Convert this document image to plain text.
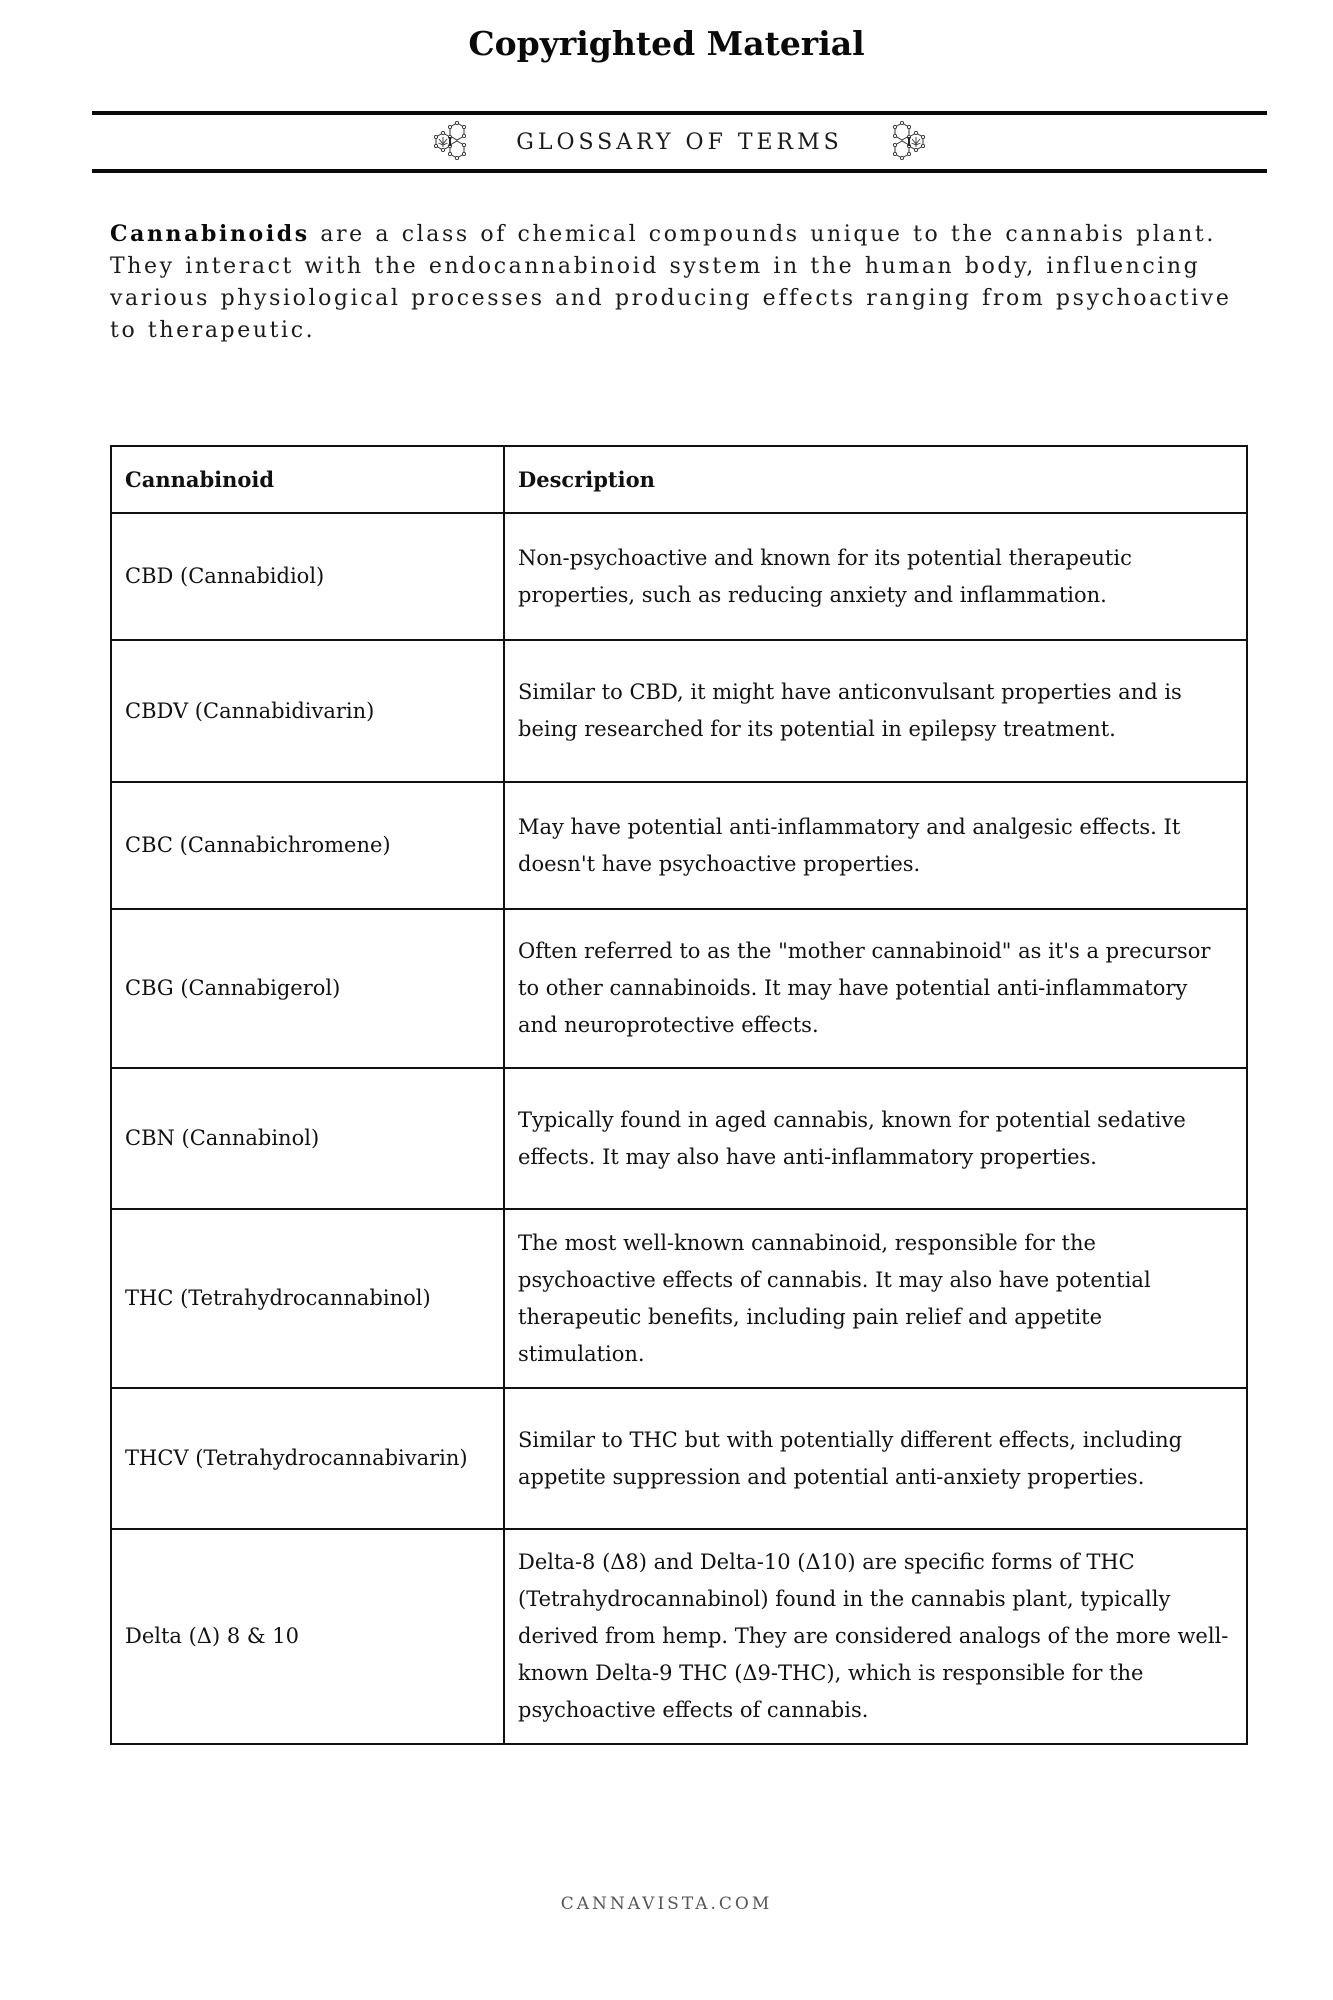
Copyrighted Material
GLOSSARY OF TERMS

Cannabinoids are a class of chemical compounds unique to the cannabis plant. They interact with the endocannabinoid system in the human body, influencing various physiological processes and producing effects ranging from psychoactive to therapeutic.

Cannabinoid	Description
CBD (Cannabidiol)	Non-psychoactive and known for its potential therapeutic properties, such as reducing anxiety and inflammation.
CBDV (Cannabidivarin)	Similar to CBD, it might have anticonvulsant properties and is being researched for its potential in epilepsy treatment.
CBC (Cannabichromene)	May have potential anti-inflammatory and analgesic effects. It doesn't have psychoactive properties.
CBG (Cannabigerol)	Often referred to as the "mother cannabinoid" as it's a precursor to other cannabinoids. It may have potential anti-inflammatory and neuroprotective effects.
CBN (Cannabinol)	Typically found in aged cannabis, known for potential sedative effects. It may also have anti-inflammatory properties.
THC (Tetrahydrocannabinol)	The most well-known cannabinoid, responsible for the psychoactive effects of cannabis. It may also have potential therapeutic benefits, including pain relief and appetite stimulation.
THCV (Tetrahydrocannabivarin)	Similar to THC but with potentially different effects, including appetite suppression and potential anti-anxiety properties.
Delta (Δ) 8 & 10	Delta-8 (Δ8) and Delta-10 (Δ10) are specific forms of THC (Tetrahydrocannabinol) found in the cannabis plant, typically derived from hemp. They are considered analogs of the more well-known Delta-9 THC (Δ9-THC), which is responsible for the psychoactive effects of cannabis.
CANNAVISTA.COM
